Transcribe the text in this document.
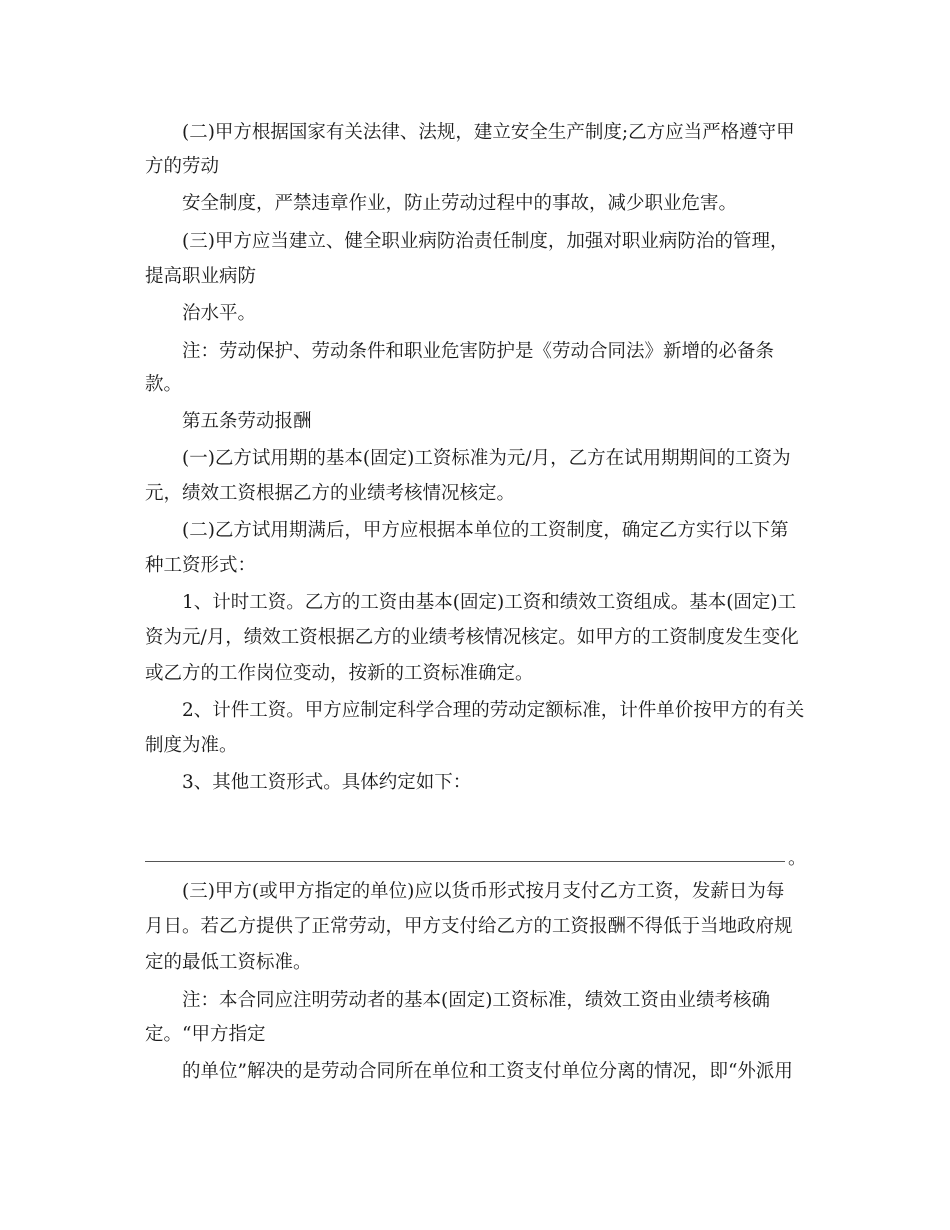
(二)甲方根据国家有关法律、法规，建立安全生产制度;乙方应当严格遵守甲
方的劳动
安全制度，严禁违章作业，防止劳动过程中的事故，减少职业危害。
(三)甲方应当建立、健全职业病防治责任制度，加强对职业病防治的管理，
提高职业病防
治水平。
注：劳动保护、劳动条件和职业危害防护是《劳动合同法》新增的必备条
款。
第五条劳动报酬
(一)乙方试用期的基本(固定)工资标准为元/月，乙方在试用期期间的工资为
元，绩效工资根据乙方的业绩考核情况核定。
(二)乙方试用期满后，甲方应根据本单位的工资制度，确定乙方实行以下第
种工资形式：
1、计时工资。乙方的工资由基本(固定)工资和绩效工资组成。基本(固定)工
资为元/月，绩效工资根据乙方的业绩考核情况核定。如甲方的工资制度发生变化
或乙方的工作岗位变动，按新的工资标准确定。
2、计件工资。甲方应制定科学合理的劳动定额标准，计件单价按甲方的有关
制度为准。
3、其他工资形式。具体约定如下：
。
(三)甲方(或甲方指定的单位)应以货币形式按月支付乙方工资，发薪日为每
月日。若乙方提供了正常劳动，甲方支付给乙方的工资报酬不得低于当地政府规
定的最低工资标准。
注：本合同应注明劳动者的基本(固定)工资标准，绩效工资由业绩考核确
定。“甲方指定
的单位”解决的是劳动合同所在单位和工资支付单位分离的情况，即“外派用
